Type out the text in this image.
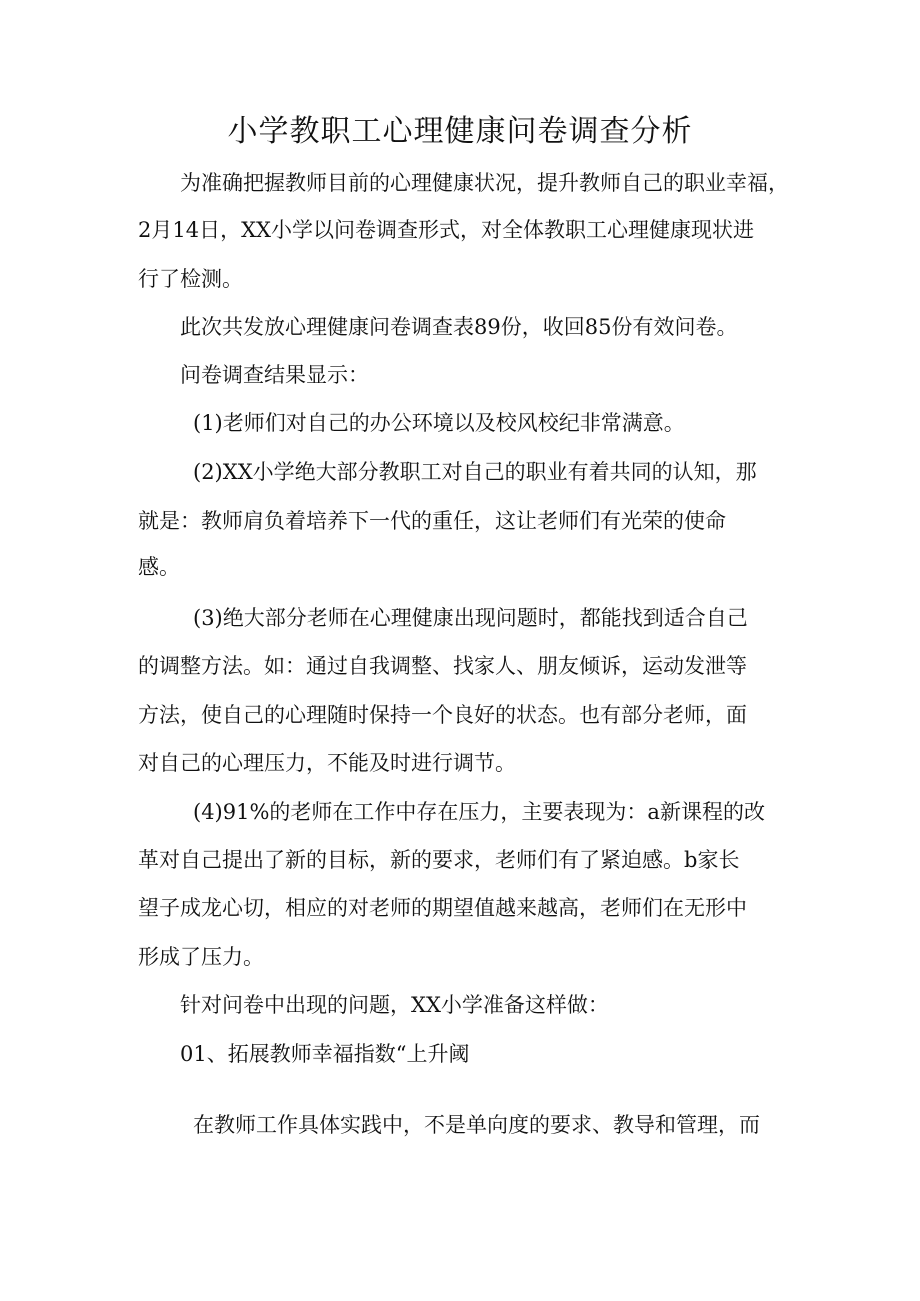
小学教职工心理健康问卷调查分析

为准确把握教师目前的心理健康状况，提升教师自己的职业幸福，

2月14日，XX小学以问卷调查形式，对全体教职工心理健康现状进

行了检测。

此次共发放心理健康问卷调查表89份，收回85份有效问卷。

问卷调查结果显示：

(1)老师们对自己的办公环境以及校风校纪非常满意。

(2)XX小学绝大部分教职工对自己的职业有着共同的认知，那

就是：教师肩负着培养下一代的重任，这让老师们有光荣的使命

感。

(3)绝大部分老师在心理健康出现问题时，都能找到适合自己

的调整方法。如：通过自我调整、找家人、朋友倾诉，运动发泄等

方法，使自己的心理随时保持一个良好的状态。也有部分老师，面

对自己的心理压力，不能及时进行调节。

(4)91%的老师在工作中存在压力，主要表现为：a新课程的改

革对自己提出了新的目标，新的要求，老师们有了紧迫感。b家长

望子成龙心切，相应的对老师的期望值越来越高，老师们在无形中

形成了压力。

针对问卷中出现的问题，XX小学准备这样做：

01、拓展教师幸福指数“上升阈

在教师工作具体实践中，不是单向度的要求、教导和管理，而
